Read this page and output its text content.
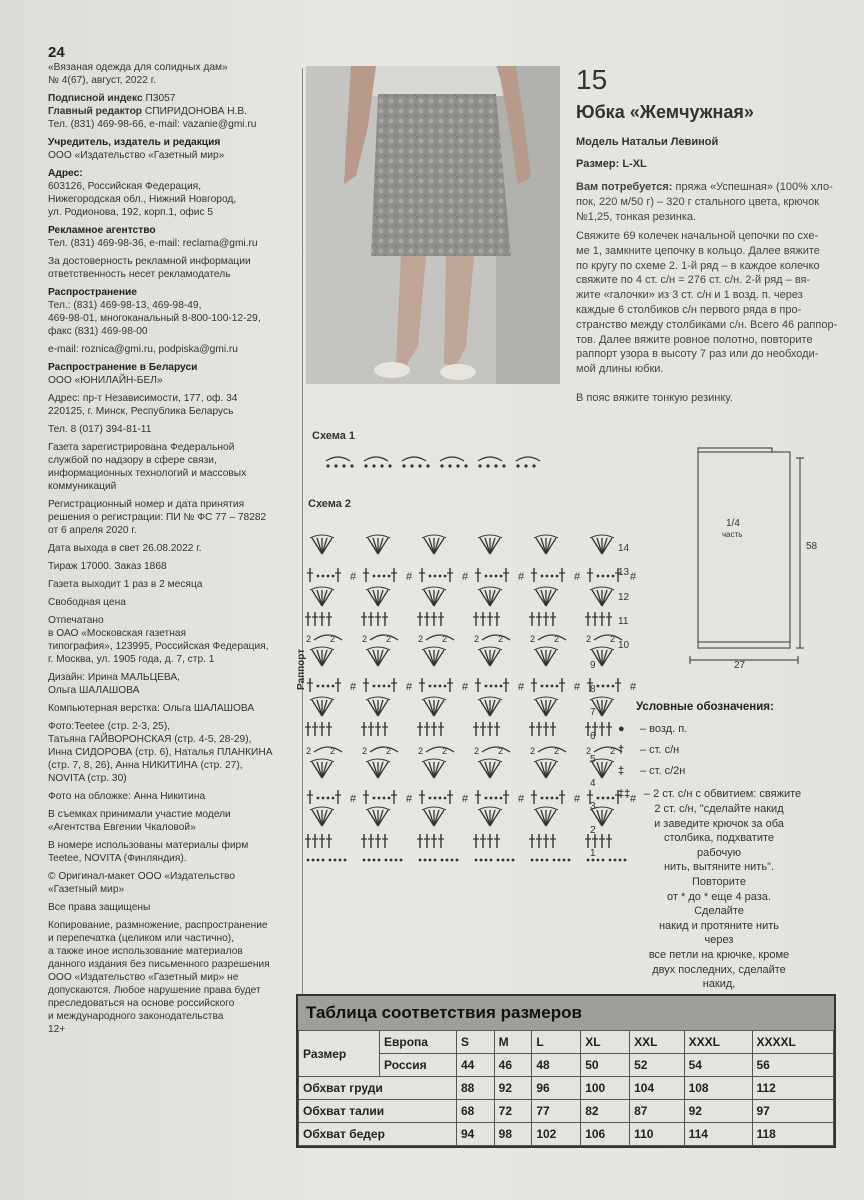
24
«Вязаная одежда для солидных дам»
№ 4(67), август, 2022 г.
Подписной индекс П3057
Главный редактор СПИРИДОНОВА Н.В.
Тел. (831) 469-98-66, e-mail: vazanie@gmi.ru
Учредитель, издатель и редакция
ООО «Издательство «Газетный мир»
Адрес:
603126, Российская Федерация,
Нижегородская обл., Нижний Новгород,
ул. Родионова, 192, корп.1, офис 5
Рекламное агентство
Тел. (831) 469-98-36, e-mail: reclama@gmi.ru
За достоверность рекламной информации
ответственность несет рекламодатель
Распространение
Тел.: (831) 469-98-13, 469-98-49,
469-98-01, многоканальный 8-800-100-12-29,
факс (831) 469-98-00
e-mail: roznica@gmi.ru, podpiska@gmi.ru
Распространение в Беларуси
ООО «ЮНИЛАЙН-БЕЛ»
Адрес: пр-т Независимости, 177, оф. 34
220125, г. Минск, Республика Беларусь
Тел. 8 (017) 394-81-11
Газета зарегистрирована Федеральной
службой по надзору в сфере связи,
информационных технологий и массовых
коммуникаций
Регистрационный номер и дата принятия
решения о регистрации: ПИ № ФС 77 – 78282
от 6 апреля 2020 г.
Дата выхода в свет 26.08.2022 г.
Тираж 17000. Заказ 1868
Газета выходит 1 раз в 2 месяца
Свободная цена
Отпечатано
в ОАО «Московская газетная
типография», 123995, Российская Федерация,
г. Москва, ул. 1905 года, д. 7, стр. 1
Дизайн: Ирина МАЛЬЦЕВА,
Ольга ШАЛАШОВА
Компьютерная верстка: Ольга ШАЛАШОВА
Фото:Teetee (стр. 2-3, 25),
Татьяна ГАЙВОРОНСКАЯ (стр. 4-5, 28-29),
Инна СИДОРОВА (стр. 6), Наталья ПЛАНКИНА
(стр. 7, 8, 26), Анна НИКИТИНА (стр. 27),
NOVITA (стр. 30)
Фото на обложке: Анна Никитина
В съемках принимали участие модели
«Агентства Евгении Чкаловой»
В номере использованы материалы фирм
Teetee, NOVITA (Финляндия).
© Оригинал-макет ООО «Издательство
«Газетный мир»
Все права защищены
Копирование, размножение, распространение
и перепечатка (целиком или частично),
а также иное использование материалов
данного издания без письменного разрешения
ООО «Издательство «Газетный мир» не
допускаются. Любое нарушение права будет
преследоваться на основе российского
и международного законодательства
12+
15
Юбка «Жемчужная»
Модель Натальи Левиной
Размер: L-XL
Вам потребуется: пряжа «Успешная» (100% хло-
пок, 220 м/50 г) – 320 г стального цвета, крючок
№1,25, тонкая резинка.
Свяжите 69 колечек начальной цепочки по схе-
ме 1, замкните цепочку в кольцо. Далее вяжите
по кругу по схеме 2. 1-й ряд – в каждое колечко
свяжите по 4 ст. с/н = 276 ст. с/н. 2-й ряд – вя-
жите «галочки» из 3 ст. с/н и 1 возд. п. через
каждые 6 столбиков с/н первого ряда в про-
странство между столбиками с/н. Всего 46 раппор-
тов. Далее вяжите ровное полотно, повторите
раппорт узора в высоту 7 раз или до необходи-
мой длины юбки.
В пояс вяжите тонкую резинку.
Схема 1
Схема 2
Раппорт
#	#	#	#	#	#
2
2	2
2	2
2	2
2	2
2	2
2
#	#	#	#	#	#
2
2	2
2	2
2	2
2	2
2	2
2
#	#	#	#	#	#
14
13
12
11
10
9
8
7
6
5
4
3
2
1
1/4
часть
58
27
Условные обозначения:
● – возд. п.
† – ст. с/н
‡ – ст. с/2н
‡‡ – 2 ст. с/н с обвитием: свяжите
2 ст. с/н, "сделайте накид
и заведите крючок за оба
столбика, подхватите рабочую
нить, вытяните нить". Повторите
от * до * еще 4 раза. Сделайте
накид и протяните нить через
все петли на крючке, кроме
двух последних, сделайте накид,
Таблица соответствия размеров
Размер	Европа	S	M	L	XL	XXL	XXXL	XXXXL
	Россия	44	46	48	50	52	54	56
Обхват груди		88	92	96	100	104	108	112
Обхват талии		68	72	77	82	87	92	97
Обхват бедер		94	98	102	106	110	114	118
